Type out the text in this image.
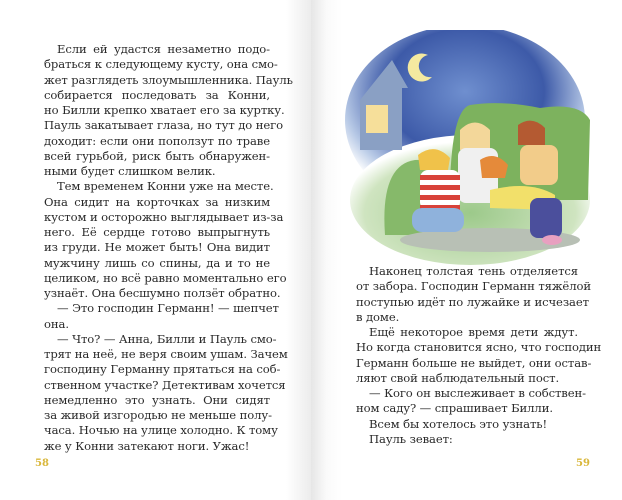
Если ей удастся незаметно подо-
браться к следующему кусту, она смо-
жет разглядеть злоумышленника. Пауль
собирается последовать за Конни,
но Билли крепко хватает его за куртку.
Пауль закатывает глаза, но тут до него
доходит: если они поползут по траве
всей гурьбой, риск быть обнаружен-
ными будет слишком велик.
Тем временем Конни уже на месте.
Она сидит на корточках за низким
кустом и осторожно выглядывает из-за
него. Её сердце готово выпрыгнуть
из груди. Не может быть! Она видит
мужчину лишь со спины, да и то не
целиком, но всё равно моментально его
узнаёт. Она бесшумно ползёт обратно.
— Это господин Германн! — шепчет
она.
— Что? — Анна, Билли и Пауль смо-
трят на неё, не веря своим ушам. Зачем
господину Германну прятаться на соб-
ственном участке? Детективам хочется
немедленно это узнать. Они сидят
за живой изгородью не меньше полу-
часа. Ночью на улице холодно. К тому
же у Конни затекают ноги. Ужас!
58
Наконец толстая тень отделяется
от забора. Господин Германн тяжёлой
поступью идёт по лужайке и исчезает
в доме.
Ещё некоторое время дети ждут.
Но когда становится ясно, что господин
Германн больше не выйдет, они остав-
ляют свой наблюдательный пост.
— Кого он выслеживает в собствен-
ном саду? — спрашивает Билли.
Всем бы хотелось это узнать!
Пауль зевает:
59
